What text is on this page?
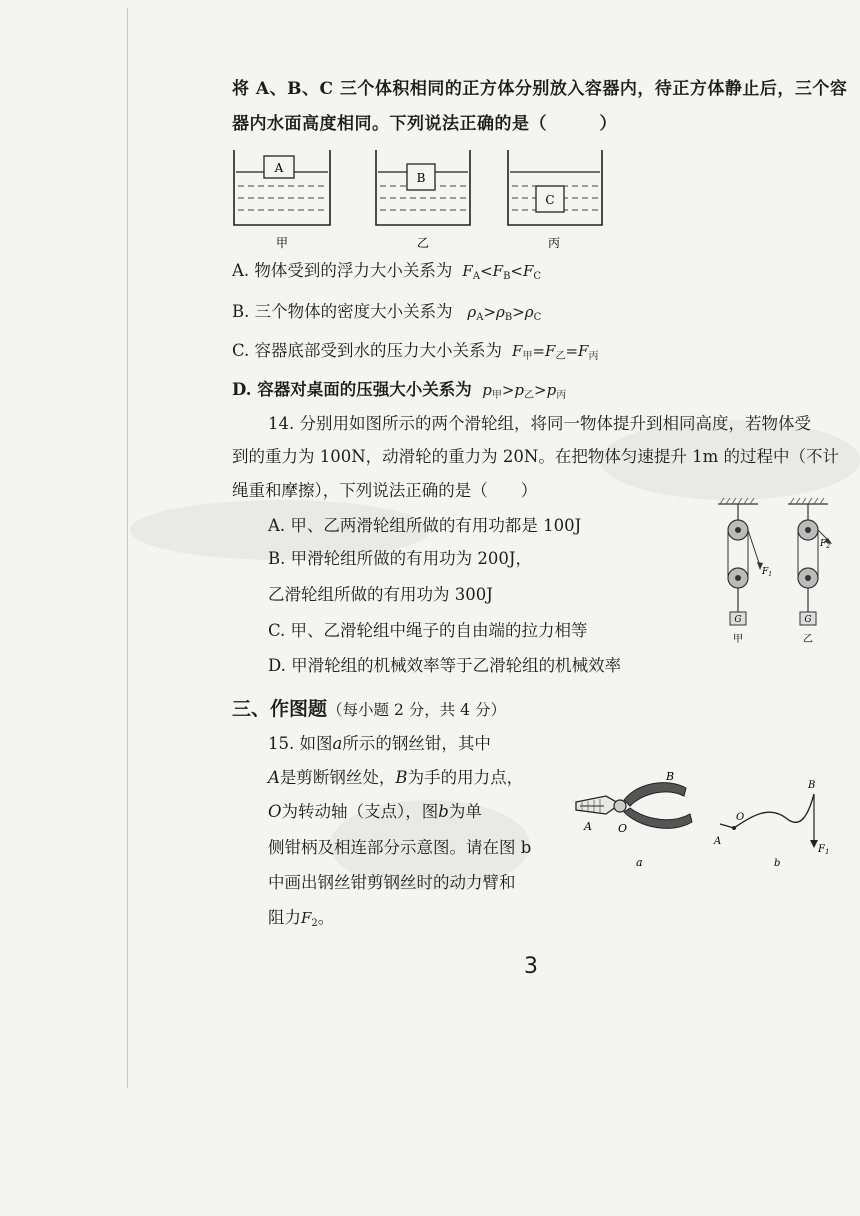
将 A、B、C 三个体积相同的正方体分别放入容器内，待正方体静止后，三个容
器内水面高度相同。下列说法正确的是（　　　）
A
甲
B
乙
C
丙
A. 物体受到的浮力大小关系为  $F_A<F_B<F_C$
B. 三个物体的密度大小关系为   $\rho_A>\rho_B>\rho_C$
C. 容器底部受到水的压力大小关系为  $F_甲=F_乙=F_丙$
D. 容器对桌面的压强大小关系为  $p_甲>p_乙>p_丙$
14. 分别用如图所示的两个滑轮组，将同一物体提升到相同高度，若物体受
到的重力为 100N，动滑轮的重力为 20N。在把物体匀速提升 1m 的过程中（不计
绳重和摩擦），下列说法正确的是（　　）
A. 甲、乙两滑轮组所做的有用功都是 100J
B. 甲滑轮组所做的有用功为 200J，
乙滑轮组所做的有用功为 300J
C. 甲、乙滑轮组中绳子的自由端的拉力相等
D. 甲滑轮组的机械效率等于乙滑轮组的机械效率
$F_1$
G
甲
$F_2$
G
乙
三、作图题（每小题 2 分，共 4 分）
15. 如图a所示的钢丝钳，其中
A是剪断钢丝处，B为手的用力点，
O为转动轴（支点），图b为单
侧钳柄及相连部分示意图。请在图 b
中画出钢丝钳剪钢丝时的动力臂和
阻力$F_2$。
A O
B
a
A
O
B
$F_1$
b
3
